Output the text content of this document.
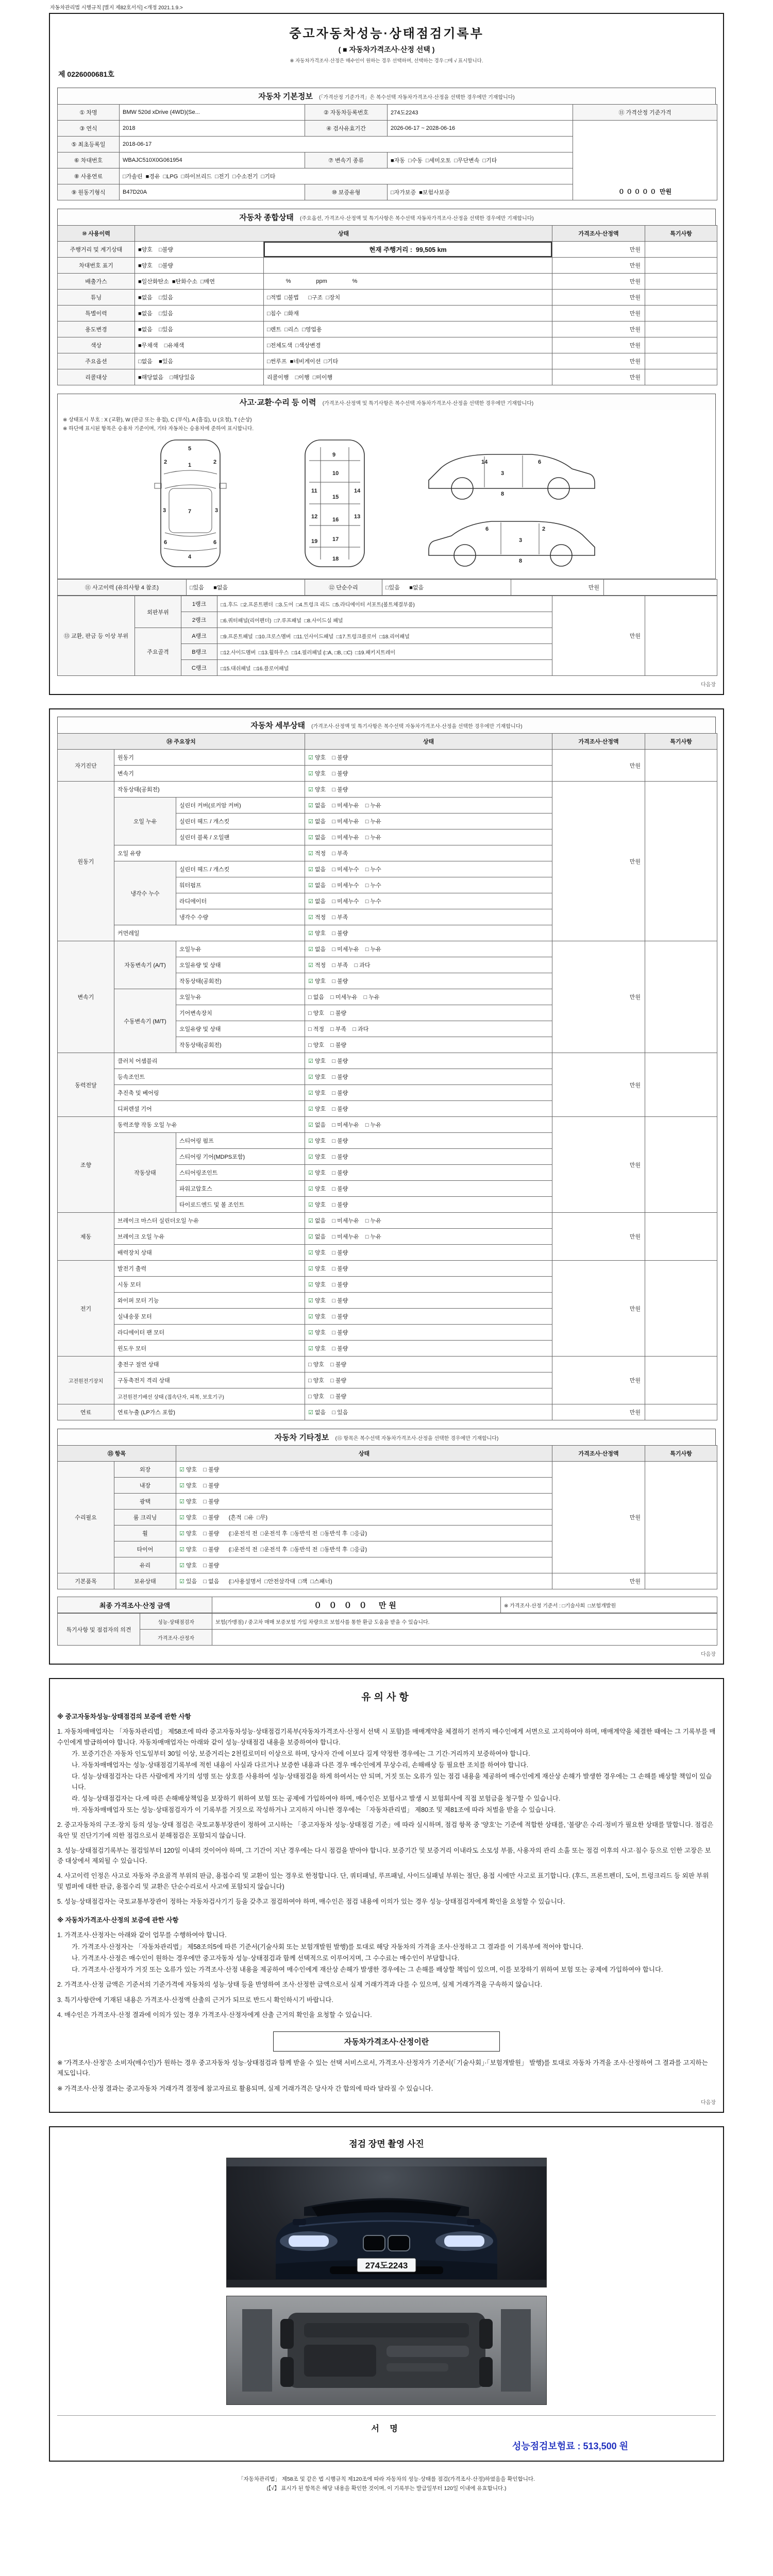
자동차관리법 시행규칙 [별지 제82호서식] <개정 2021.1.9.>
중고자동차성능·상태점검기록부
( ■ 자동차가격조사·산정 선택 )
※ 자동차가격조사·산정은 매수인이 원하는 경우 선택하며, 선택하는 경우 □에 √ 표시합니다.
제 0226000681호
자동차 기본정보 (「가격산정 기준가격」은 복수선택 자동차가격조사·산정을 선택한 경우에만 기재합니다)
① 차명	BMW 520d xDrive (4WD)(Se...	② 자동차등록번호	274도2243	⑪ 가격산정 기준가격
③ 연식	2018	④ 검사유효기간	2026-06-17 ~ 2028-06-16	０ ０ ０ ０ ０  만원
⑤ 최초등록일	2018-06-17			
⑥ 차대번호	WBAJC510X0G061954	⑦ 변속기 종류	■자동  □수동  □세미오토  □무단변속  □기타	
⑧ 사용연료	□가솔린  ■경유  □LPG  □하이브리드  □전기  □수소전기  □기타			
⑨ 원동기형식	B47D20A	⑩ 보증유형	□자가보증  ■보험사보증	
자동차 종합상태 (주요옵션, 가격조사·산정액 및 특기사항은 복수선택 자동차가격조사·산정을 선택한 경우에만 기재합니다)
⑩ 사용이력	상태		가격조사·산정액	특기사항
주행거리 및 계기상태	■양호    □불량	현재 주행거리 :  99,505 km	만원	
차대번호 표기	■양호    □불량		만원	
배출가스	■일산화탄소  ■탄화수소  □매연	%                ppm                %	만원	
튜닝	■없음    □있음	□적법  □불법      □구조  □장치	만원	
특별이력	■없음    □있음	□침수  □화재	만원	
용도변경	■없음    □있음	□렌트  □리스  □영업용	만원	
색상	■무채색    □유채색	□전체도색  □색상변경	만원	
주요옵션	□없음    ■있음	□썬루프  ■네비게이션  □기타	만원	
리콜대상	■해당없음    □해당있음	리콜이행    □이행  □미이행	만원	
사고·교환·수리 등 이력 (가격조사·산정액 및 특기사항은 복수선택 자동차가격조사·산정을 선택한 경우에만 기재합니다)
※ 상태표시 부호 : X (교환), W (판금 또는 용접), C (부식), A (흠집), U (요철), T (손상)
※ 하단에 표시된 항목은 승용차 기준이며, 기타 자동차는 승용차에 준하여 표시합니다.
5
1
2	2
3	3
7
6	6
4
9
10
11	14
15
12	13
16
17
19
18
3
8
14	6
3
8
6	2
⑪ 사고이력 (유의사항 4 참조)	□있음      ■없음	⑫ 단순수리	□있음      ■없음	만원	
⑬ 교환, 판금 등 이상 부위	외판부위	1랭크	□1.후드  □2.프론트펜더  □3.도어  □4.트렁크 리드  □5.라디에이터 서포트(볼트체결부품)	만원	
		2랭크	□6.쿼터패널(리어펜더)  □7.루프패널  □8.사이드실 패널		
	주요골격	A랭크	□9.프론트패널  □10.크로스멤버  □11.인사이드패널  □17.트렁크플로어  □18.리어패널		
		B랭크	□12.사이드멤버  □13.휠하우스  □14.필러패널 (□A, □B, □C)  □19.패키지트레이		
		C랭크	□15.대쉬패널  □16.플로어패널		
다음장
자동차 세부상태 (가격조사·산정액 및 특기사항은 복수선택 자동차가격조사·산정을 선택한 경우에만 기재합니다)
⑭ 주요장치			상태	가격조사·산정액	특기사항
자기진단	원동기		☑ 양호    □ 불량	만원	
	변속기		☑ 양호    □ 불량		
원동기	작동상태(공회전)		☑ 양호    □ 불량	만원	
	오일 누유	실린더 커버(로커암 커버)	☑ 없음    □ 미세누유    □ 누유		
		실린더 헤드 / 개스킷	☑ 없음    □ 미세누유    □ 누유		
		실린더 블록 / 오일팬	☑ 없음    □ 미세누유    □ 누유		
	오일 유량		☑ 적정    □ 부족		
	냉각수 누수	실린더 헤드 / 개스킷	☑ 없음    □ 미세누수    □ 누수		
		워터펌프	☑ 없음    □ 미세누수    □ 누수		
		라디에이터	☑ 없음    □ 미세누수    □ 누수		
		냉각수 수량	☑ 적정    □ 부족		
	커먼레일		☑ 양호    □ 불량		
변속기	자동변속기 (A/T)	오일누유	☑ 없음    □ 미세누유    □ 누유	만원	
		오일유량 및 상태	☑ 적정    □ 부족    □ 과다		
		작동상태(공회전)	☑ 양호    □ 불량		
	수동변속기 (M/T)	오일누유	□ 없음    □ 미세누유    □ 누유		
		기어변속장치	□ 양호    □ 불량		
		오일유량 및 상태	□ 적정    □ 부족    □ 과다		
		작동상태(공회전)	□ 양호    □ 불량		
동력전달	클러치 어셈블리		☑ 양호    □ 불량	만원	
	등속조인트		☑ 양호    □ 불량		
	추진축 및 베어링		☑ 양호    □ 불량		
	디퍼렌셜 기어		☑ 양호    □ 불량		
조향	동력조향 작동 오일 누유		☑ 없음    □ 미세누유    □ 누유	만원	
	작동상태	스티어링 펌프	☑ 양호    □ 불량		
		스티어링 기어(MDPS포함)	☑ 양호    □ 불량		
		스티어링조인트	☑ 양호    □ 불량		
		파워고압호스	☑ 양호    □ 불량		
		타이로드엔드 및 볼 조인트	☑ 양호    □ 불량		
제동	브레이크 마스터 실린더오일 누유		☑ 없음    □ 미세누유    □ 누유	만원	
	브레이크 오일 누유		☑ 없음    □ 미세누유    □ 누유		
	배력장치 상태		☑ 양호    □ 불량		
전기	발전기 출력		☑ 양호    □ 불량	만원	
	시동 모터		☑ 양호    □ 불량		
	와이퍼 모터 기능		☑ 양호    □ 불량		
	실내송풍 모터		☑ 양호    □ 불량		
	라디에이터 팬 모터		☑ 양호    □ 불량		
	윈도우 모터		☑ 양호    □ 불량		
고전원전기장치	충전구 절연 상태		□ 양호    □ 불량	만원	
	구동축전지 격리 상태		□ 양호    □ 불량		
	고전원전기배선 상태 (접속단자, 피복, 보호기구)		□ 양호    □ 불량		
연료	연료누출 (LP가스 포함)		☑ 없음    □ 있음	만원	
자동차 기타정보 (⑮ 항목은 복수선택 자동차가격조사·산정을 선택한 경우에만 기재합니다)
⑮ 항목		상태	가격조사·산정액	특기사항
수리필요	외장	☑ 양호    □ 불량	만원	
	내장	☑ 양호    □ 불량		
	광택	☑ 양호    □ 불량		
	룸 크리닝	☑ 양호    □ 불량      (흔적  □유  □무)		
	휠	☑ 양호    □ 불량      (□운전석 전  □운전석 후  □동반석 전  □동반석 후  □응급)		
	타이어	☑ 양호    □ 불량      (□운전석 전  □운전석 후  □동반석 전  □동반석 후  □응급)		
	유리	☑ 양호    □ 불량		
기본품목	보유상태	☑ 있음    □ 없음      (□사용설명서  □안전삼각대  □잭  □스패너)	만원	
최종 가격조사·산정 금액	０ ０ ０ ０  만원	※ 가격조사·산정 기준서 : □기술사회  □보험개발원
특기사항 및 점검자의 의견	성능·상태점검자	보험(가맹점) / 중고차 매매 보증보험 가입 차량으로 보험사를 통한 환급 도움을 받을 수 있습니다.
	가격조사·산정자	
다음장
유의사항
※ 중고자동차성능·상태점검의 보증에 관한 사항
1. 자동차매매업자는 「자동차관리법」 제58조에 따라 중고자동차성능·상태점검기록부(자동차가격조사·산정서 선택 시 포함)를 매매계약을 체결하기 전까지 매수인에게 서면으로 고지하여야 하며, 매매계약을 체결한 때에는 그 기록부를 매수인에게 발급하여야 합니다. 자동차매매업자는 아래와 같이 성능·상태점검 내용을 보증하여야 합니다.
가. 보증기간은 자동차 인도일부터 30일 이상, 보증거리는 2천킬로미터 이상으로 하며, 당사자 간에 이보다 길게 약정한 경우에는 그 기간·거리까지 보증하여야 합니다.
나. 자동차매매업자는 성능·상태점검기록부에 적힌 내용이 사실과 다르거나 보증한 내용과 다른 경우 매수인에게 무상수리, 손해배상 등 필요한 조치를 하여야 합니다.
다. 성능·상태점검자는 다른 사람에게 자기의 성명 또는 상호를 사용하여 성능·상태점검을 하게 하여서는 안 되며, 거짓 또는 오류가 있는 점검 내용을 제공하여 매수인에게 재산상 손해가 발생한 경우에는 그 손해를 배상할 책임이 있습니다.
라. 성능·상태점검자는 다.에 따른 손해배상책임을 보장하기 위하여 보험 또는 공제에 가입하여야 하며, 매수인은 보험사고 발생 시 보험회사에 직접 보험금을 청구할 수 있습니다.
마. 자동차매매업자 또는 성능·상태점검자가 이 기록부를 거짓으로 작성하거나 고지하지 아니한 경우에는 「자동차관리법」 제80조 및 제81조에 따라 처벌을 받을 수 있습니다.
2. 중고자동차의 구조·장치 등의 성능·상태 점검은 국토교통부장관이 정하여 고시하는 「중고자동차 성능·상태점검 기준」에 따라 실시하며, 점검 항목 중 '양호'는 기준에 적합한 상태를, '불량'은 수리·정비가 필요한 상태를 말합니다. 점검은 육안 및 진단기기에 의한 점검으로서 분해점검은 포함되지 않습니다.
3. 성능·상태점검기록부는 점검일부터 120일 이내의 것이어야 하며, 그 기간이 지난 경우에는 다시 점검을 받아야 합니다. 보증기간 및 보증거리 이내라도 소모성 부품, 사용자의 관리 소홀 또는 점검 이후의 사고·침수 등으로 인한 고장은 보증 대상에서 제외될 수 있습니다.
4. 사고이력 인정은 사고로 자동차 주요골격 부위의 판금, 용접수리 및 교환이 있는 경우로 한정합니다. 단, 쿼터패널, 루프패널, 사이드실패널 부위는 절단, 용접 시에만 사고로 표기합니다. (후드, 프론트펜더, 도어, 트렁크리드 등 외판 부위 및 범퍼에 대한 판금, 용접수리 및 교환은 단순수리로서 사고에 포함되지 않습니다)
5. 성능·상태점검자는 국토교통부장관이 정하는 자동차검사기기 등을 갖추고 점검하여야 하며, 매수인은 점검 내용에 이의가 있는 경우 성능·상태점검자에게 확인을 요청할 수 있습니다.
※ 자동차가격조사·산정의 보증에 관한 사항
1. 가격조사·산정자는 아래와 같이 업무를 수행하여야 합니다.
가. 가격조사·산정자는 「자동차관리법」 제58조의5에 따른 기준서(기술사회 또는 보험개발원 발행)를 토대로 해당 자동차의 가격을 조사·산정하고 그 결과를 이 기록부에 적어야 합니다.
나. 가격조사·산정은 매수인이 원하는 경우에만 중고자동차 성능·상태점검과 함께 선택적으로 이루어지며, 그 수수료는 매수인이 부담합니다.
다. 가격조사·산정자가 거짓 또는 오류가 있는 가격조사·산정 내용을 제공하여 매수인에게 재산상 손해가 발생한 경우에는 그 손해를 배상할 책임이 있으며, 이를 보장하기 위하여 보험 또는 공제에 가입하여야 합니다.
2. 가격조사·산정 금액은 기준서의 기준가격에 자동차의 성능·상태 등을 반영하여 조사·산정한 금액으로서 실제 거래가격과 다를 수 있으며, 실제 거래가격을 구속하지 않습니다.
3. 특기사항란에 기재된 내용은 가격조사·산정액 산출의 근거가 되므로 반드시 확인하시기 바랍니다.
4. 매수인은 가격조사·산정 결과에 이의가 있는 경우 가격조사·산정자에게 산출 근거의 확인을 요청할 수 있습니다.
자동차가격조사·산정이란
※ '가격조사·산정'은 소비자(매수인)가 원하는 경우 중고자동차 성능·상태점검과 함께 받을 수 있는 선택 서비스로서, 가격조사·산정자가 기준서(「기술사회」·「보험개발원」 발행)를 토대로 자동차 가격을 조사·산정하여 그 결과를 고지하는 제도입니다.
※ 가격조사·산정 결과는 중고자동차 거래가격 결정에 참고자료로 활용되며, 실제 거래가격은 당사자 간 합의에 따라 달라질 수 있습니다.
다음장
점검 장면 촬영 사진
274도2243
서 명
성능점검보험료 : 513,500 원
「자동차관리법」 제58조 및 같은 법 시행규칙 제120조에 따라 자동차의 성능·상태를 점검(가격조사·산정)하였음을 확인합니다.
(【√】 표시가 된 항목은 해당 내용을 확인한 것이며, 이 기록부는 발급일부터 120일 이내에 유효합니다.)
